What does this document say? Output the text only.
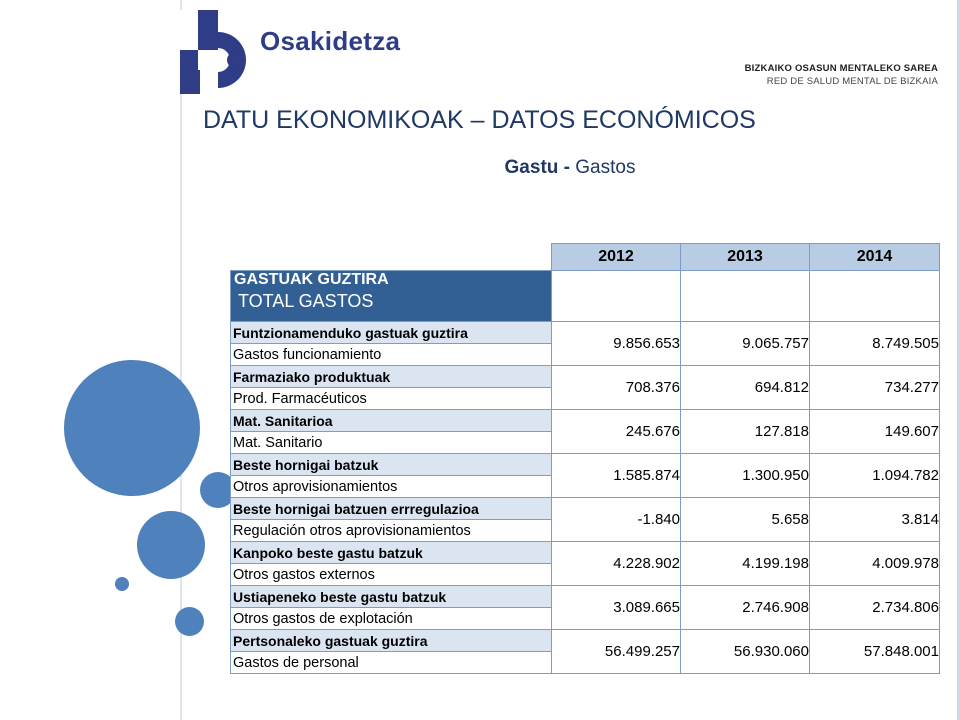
Osakidetza
BIZKAIKO OSASUN MENTALEKO SAREA
RED DE SALUD MENTAL DE BIZKAIA
DATU EKONOMIKOAK – DATOS ECONÓMICOS
Gastu - Gastos
	2012	2013	2014
GASTUAK GUZTIRA
TOTAL GASTOS	66.355.910	65.995.817	66.597.506
Funtzionamenduko gastuak guztira	9.856.653	9.065.757	8.749.505
Gastos funcionamiento			
Farmaziako produktuak	708.376	694.812	734.277
Prod. Farmacéuticos			
Mat. Sanitarioa	245.676	127.818	149.607
Mat. Sanitario			
Beste hornigai batzuk	1.585.874	1.300.950	1.094.782
Otros aprovisionamientos			
Beste hornigai batzuen errregulazioa	-1.840	5.658	3.814
Regulación otros aprovisionamientos			
Kanpoko beste gastu batzuk	4.228.902	4.199.198	4.009.978
Otros gastos externos			
Ustiapeneko beste gastu batzuk	3.089.665	2.746.908	2.734.806
Otros gastos de explotación			
Pertsonaleko gastuak guztira	56.499.257	56.930.060	57.848.001
Gastos de personal			
